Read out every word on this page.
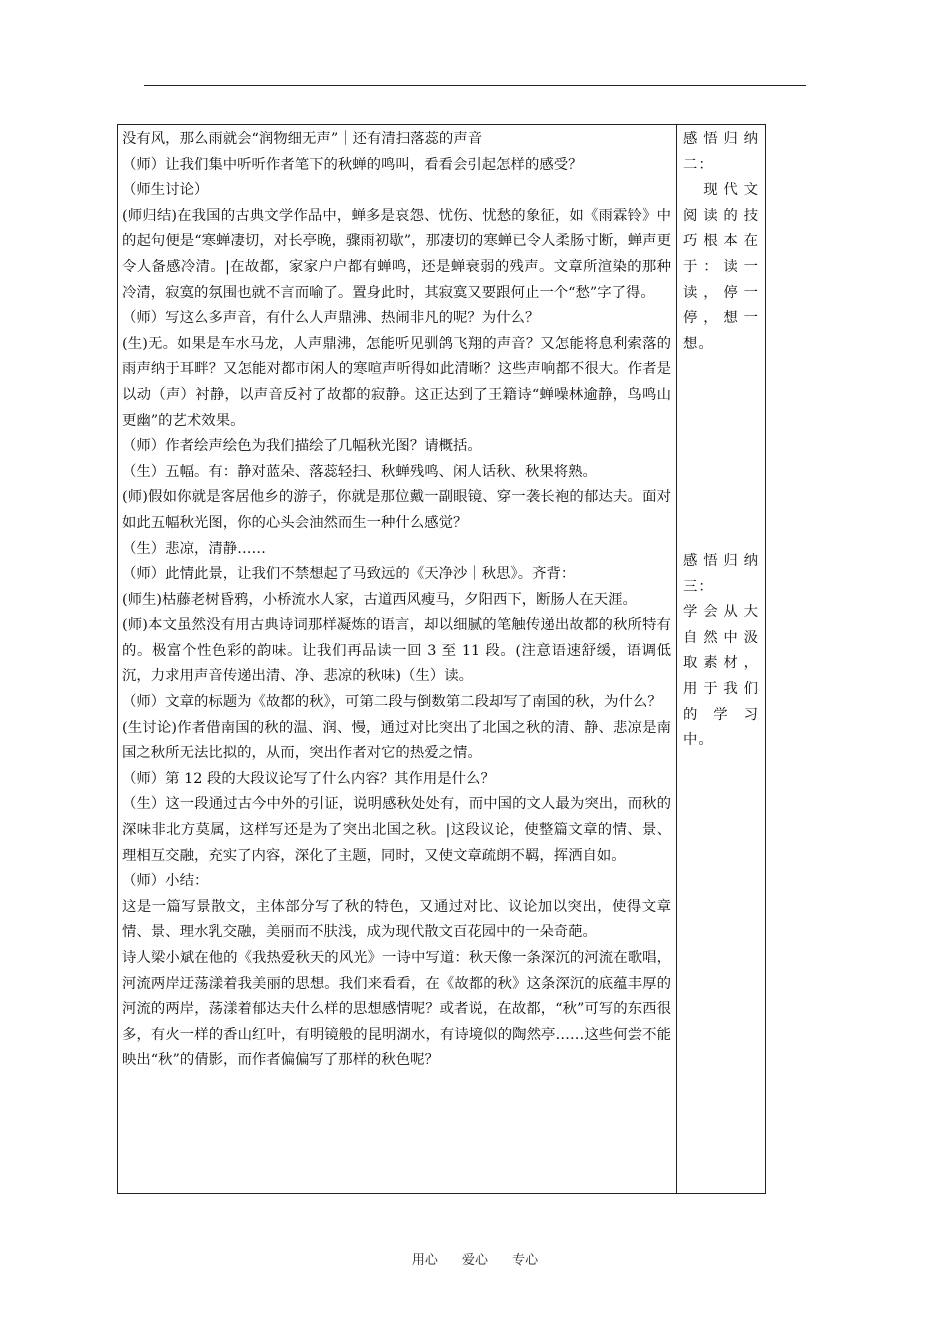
没有风，那么雨就会“润物细无声”｜还有清扫落蕊的声音

（师）让我们集中听听作者笔下的秋蝉的鸣叫，看看会引起怎样的感受？

（师生讨论）

(师归结)在我国的古典文学作品中，蝉多是哀怨、忧伤、忧愁的象征，如《雨霖铃》中的起句便是“寒蝉凄切，对长亭晚，骤雨初歇”，那凄切的寒蝉已令人柔肠寸断，蝉声更令人备感冷清。|在故都，家家户户都有蝉鸣，还是蝉衰弱的残声。文章所渲染的那种冷清，寂寞的氛围也就不言而喻了。置身此时，其寂寞又要跟何止一个“愁”字了得。

（师）写这么多声音，有什么人声鼎沸、热闹非凡的呢？为什么？

(生)无。如果是车水马龙，人声鼎沸，怎能听见驯鸽飞翔的声音？又怎能将息利索落的雨声纳于耳畔？又怎能对都市闲人的寒喧声听得如此清晰？这些声响都不很大。作者是以动（声）衬静，以声音反衬了故都的寂静。这正达到了王籍诗“蝉噪林逾静，鸟鸣山更幽”的艺术效果。

（师）作者绘声绘色为我们描绘了几幅秋光图？请概括。

（生）五幅。有：静对蓝朵、落蕊轻扫、秋蝉残鸣、闲人话秋、秋果将熟。

(师)假如你就是客居他乡的游子，你就是那位戴一副眼镜、穿一袭长袍的郁达夫。面对如此五幅秋光图，你的心头会油然而生一种什么感觉？

（生）悲凉，清静……

（师）此情此景，让我们不禁想起了马致远的《天净沙｜秋思》。齐背：

(师生)枯藤老树昏鸦，小桥流水人家，古道西风瘦马，夕阳西下，断肠人在天涯。

(师)本文虽然没有用古典诗词那样凝炼的语言，却以细腻的笔触传递出故都的秋所特有的。极富个性色彩的韵味。让我们再品读一回 3 至 11 段。(注意语速舒缓，语调低沉，力求用声音传递出清、净、悲凉的秋味)（生）读。

（师）文章的标题为《故都的秋》，可第二段与倒数第二段却写了南国的秋，为什么？

(生讨论)作者借南国的秋的温、润、慢，通过对比突出了北国之秋的清、静、悲凉是南国之秋所无法比拟的，从而，突出作者对它的热爱之情。

（师）第 12 段的大段议论写了什么内容？其作用是什么？

（生）这一段通过古今中外的引证，说明感秋处处有，而中国的文人最为突出，而秋的深味非北方莫属，这样写还是为了突出北国之秋。|这段议论，使整篇文章的情、景、理相互交融，充实了内容，深化了主题，同时，又使文章疏朗不羁，挥洒自如。

（师）小结：

这是一篇写景散文，主体部分写了秋的特色，又通过对比、议论加以突出，使得文章情、景、理水乳交融，美丽而不肤浅，成为现代散文百花园中的一朵奇葩。

诗人梁小斌在他的《我热爱秋天的风光》一诗中写道：秋天像一条深沉的河流在歌唱，河流两岸迂荡漾着我美丽的思想。我们来看看，在《故都的秋》这条深沉的底蕴丰厚的河流的两岸，荡漾着郁达夫什么样的思想感情呢？或者说，在故都，“秋”可写的东西很多，有火一样的香山红叶，有明镜般的昆明湖水，有诗境似的陶然亭……这些何尝不能映出“秋”的倩影，而作者偏偏写了那样的秋色呢？

感悟归纳二：

　现代文阅读的技巧根本在于：读一读，停一停，想一想。

感悟归纳三：

学会从大自然中汲取素材，用于我们的学习中。

用心 爱心 专心
